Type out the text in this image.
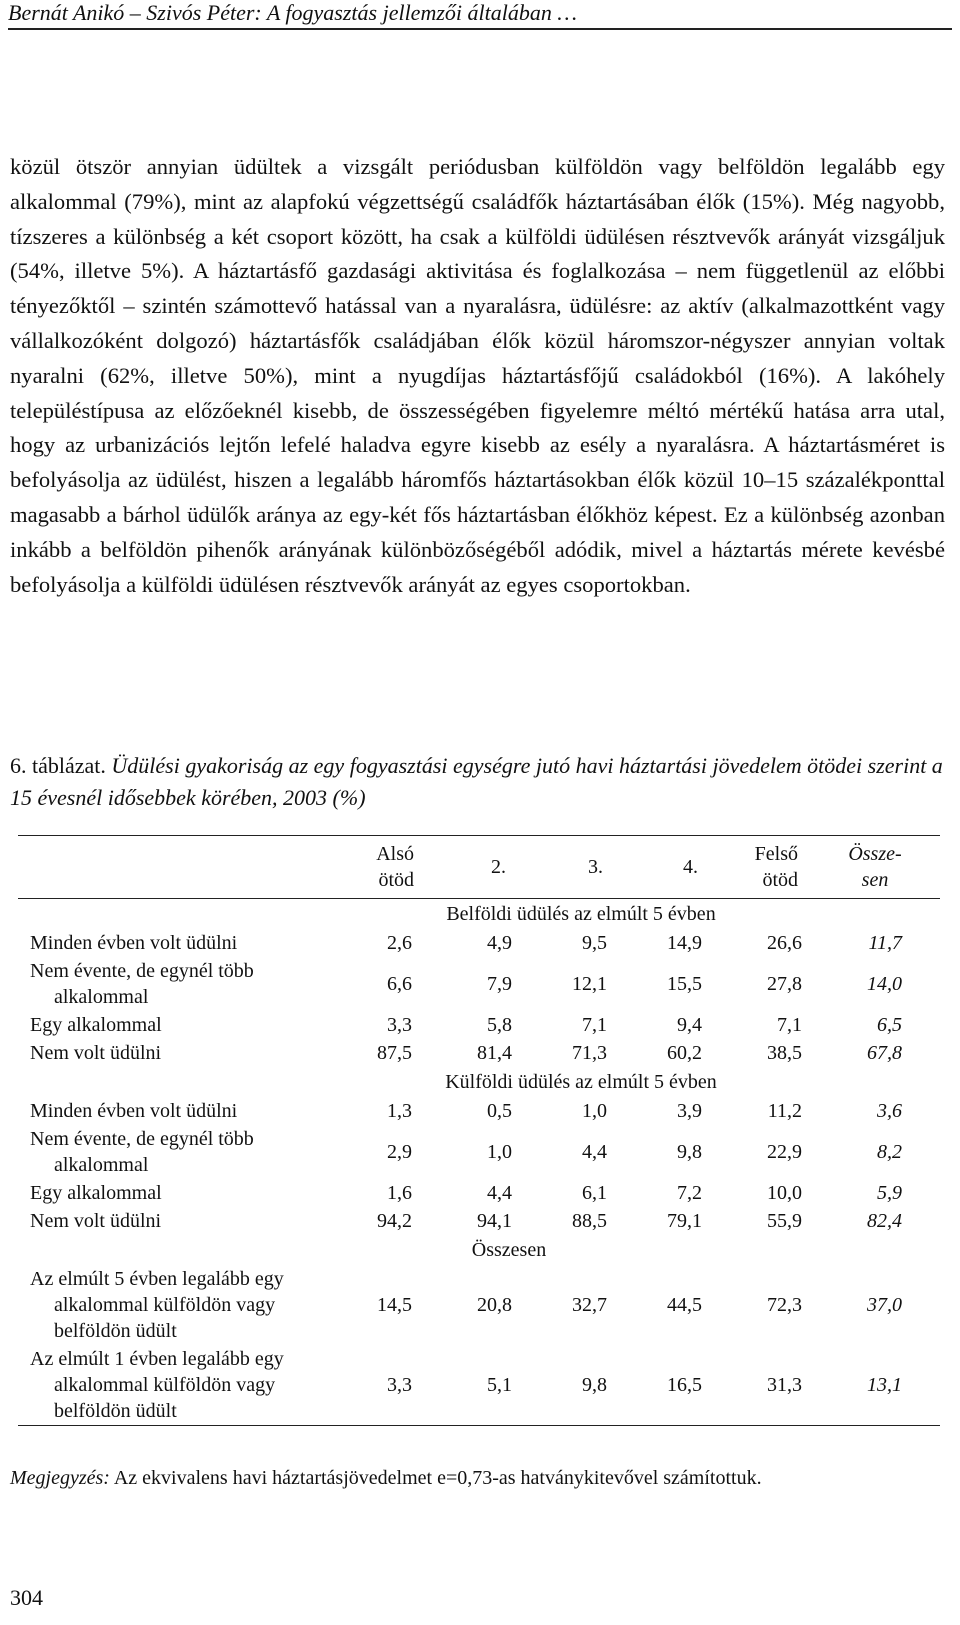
Bernát Anikó – Szivós Péter: A fogyasztás jellemzői általában …
közül ötször annyian üdültek a vizsgált periódusban külföldön vagy belföldön legalább egy alkalommal (79%), mint az alapfokú végzettségű családfők háztartásában élők (15%). Még nagyobb, tízszeres a különbség a két csoport között, ha csak a külföldi üdülésen résztvevők arányát vizsgáljuk (54%, illetve 5%). A háztartásfő gazdasági aktivitása és foglalkozása – nem függetlenül az előbbi tényezőktől – szintén számottevő hatással van a nyaralásra, üdülésre: az aktív (alkalmazottként vagy vállalkozóként dolgozó) háztartásfők családjában élők közül háromszor-négyszer annyian voltak nyaralni (62%, illetve 50%), mint a nyugdíjas háztartásfőjű családokból (16%). A lakóhely településtípusa az előzőeknél kisebb, de összességében figyelemre méltó mértékű hatása arra utal, hogy az urbanizációs lejtőn lefelé haladva egyre kisebb az esély a nyaralásra. A háztartásméret is befolyásolja az üdülést, hiszen a legalább háromfős háztartásokban élők közül 10–15 százalékponttal magasabb a bárhol üdülők aránya az egy-két fős háztartásban élőkhöz képest. Ez a különbség azonban inkább a belföldön pihenők arányának különbözőségéből adódik, mivel a háztartás mérete kevésbé befolyásolja a külföldi üdülésen résztvevők arányát az egyes csoportokban.
6. táblázat. Üdülési gyakoriság az egy fogyasztási egységre jutó havi háztartási jövedelem ötödei szerint a 15 évesnél idősebbek körében, 2003 (%)
	Alsó
ötöd	2.	3.	4.	Felső
ötöd	Össze-
sen
Belföldi üdülés az elmúlt 5 évben						
Minden évben volt üdülni	2,6	4,9	9,5	14,9	26,6	11,7
Nem évente, de egynél több
alkalommal	6,6	7,9	12,1	15,5	27,8	14,0
Egy alkalommal	3,3	5,8	7,1	9,4	7,1	6,5
Nem volt üdülni	87,5	81,4	71,3	60,2	38,5	67,8
Külföldi üdülés az elmúlt 5 évben						
Minden évben volt üdülni	1,3	0,5	1,0	3,9	11,2	3,6
Nem évente, de egynél több
alkalommal	2,9	1,0	4,4	9,8	22,9	8,2
Egy alkalommal	1,6	4,4	6,1	7,2	10,0	5,9
Nem volt üdülni	94,2	94,1	88,5	79,1	55,9	82,4
Összesen						
Az elmúlt 5 évben legalább egy
alkalommal külföldön vagy
belföldön üdült	14,5	20,8	32,7	44,5	72,3	37,0
Az elmúlt 1 évben legalább egy
alkalommal külföldön vagy
belföldön üdült	3,3	5,1	9,8	16,5	31,3	13,1
Megjegyzés: Az ekvivalens havi háztartásjövedelmet e=0,73-as hatványkitevővel számítottuk.
304
